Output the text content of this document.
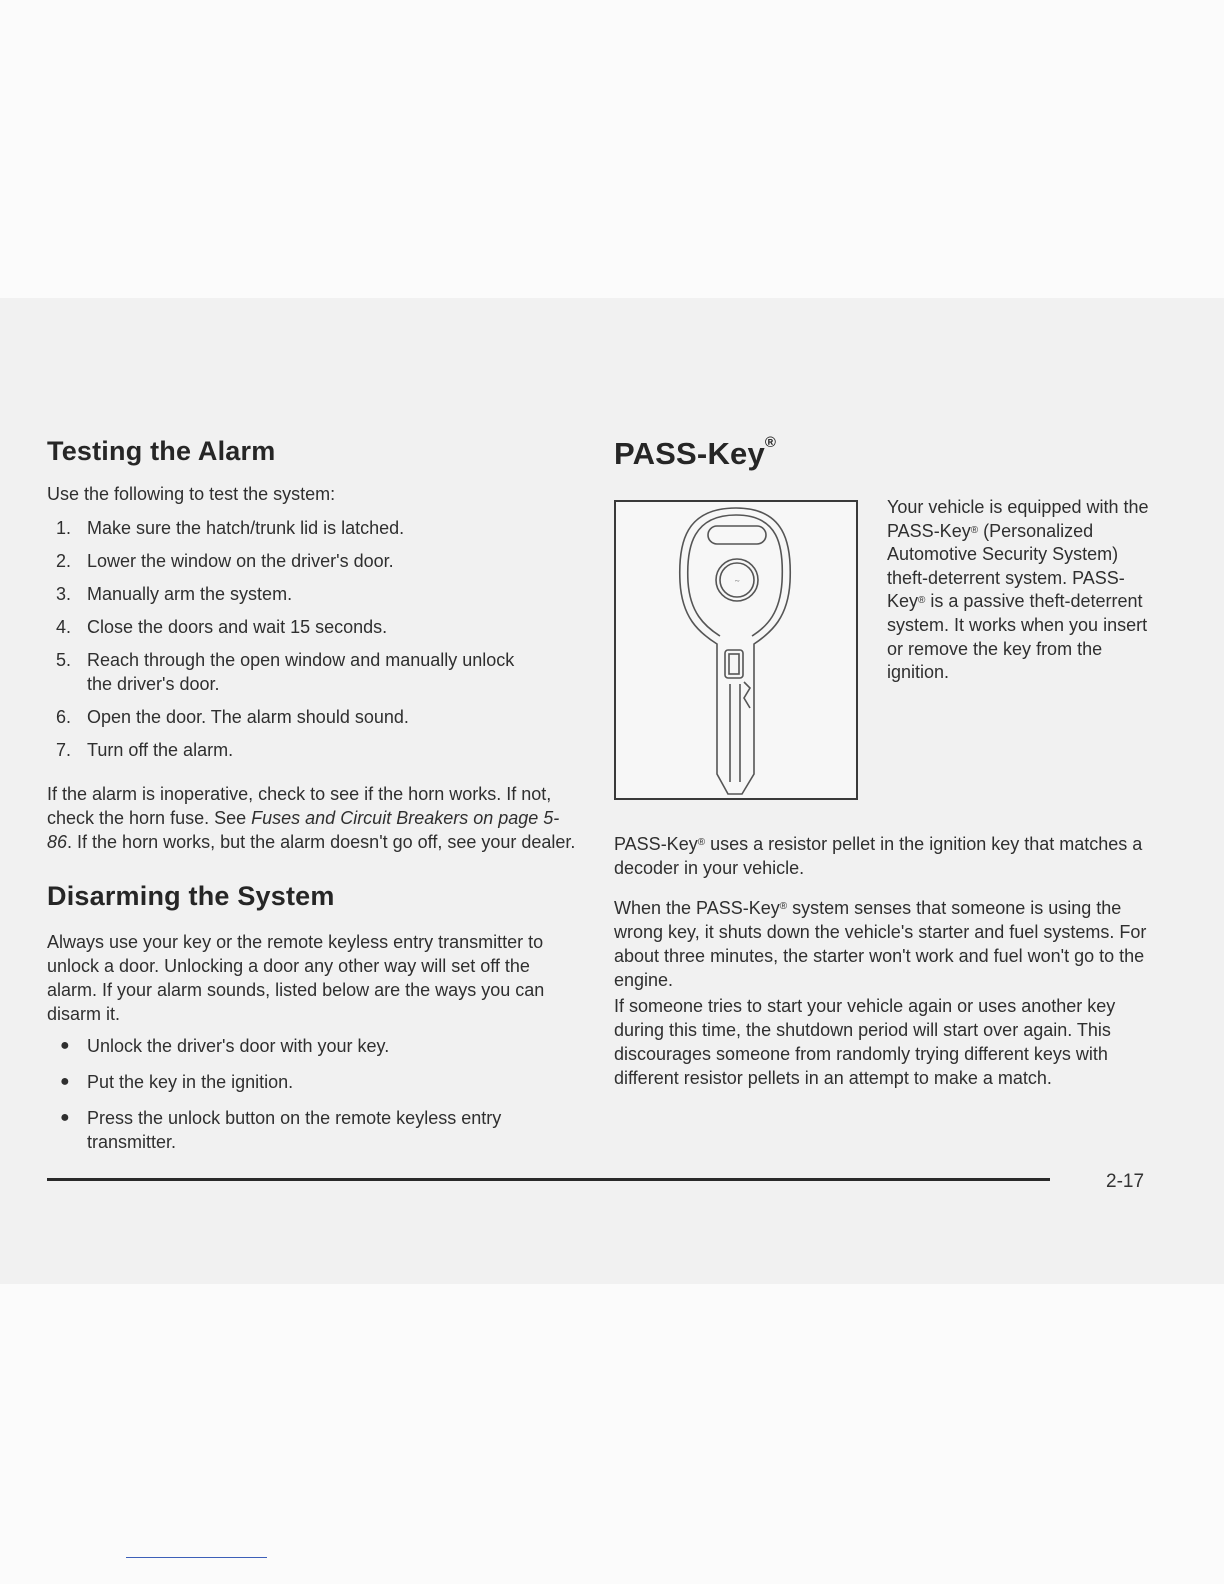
Testing the Alarm
Use the following to test the system:
1. Make sure the hatch/trunk lid is latched.
2. Lower the window on the driver's door.
3. Manually arm the system.
4. Close the doors and wait 15 seconds.
5. Reach through the open window and manually unlock the driver's door.
6. Open the door. The alarm should sound.
7. Turn off the alarm.
If the alarm is inoperative, check to see if the horn works. If not, check the horn fuse. See Fuses and Circuit Breakers on page 5-86. If the horn works, but the alarm doesn't go off, see your dealer.
Disarming the System
Always use your key or the remote keyless entry transmitter to unlock a door. Unlocking a door any other way will set off the alarm. If your alarm sounds, listed below are the ways you can disarm it.
● Unlock the driver's door with your key.
● Put the key in the ignition.
● Press the unlock button on the remote keyless entry transmitter.
PASS-Key®
~
Your vehicle is equipped with the PASS-Key® (Personalized Automotive Security System) theft-deterrent system. PASS-Key® is a passive theft-deterrent system. It works when you insert or remove the key from the ignition.
PASS-Key® uses a resistor pellet in the ignition key that matches a decoder in your vehicle.
When the PASS-Key® system senses that someone is using the wrong key, it shuts down the vehicle's starter and fuel systems. For about three minutes, the starter won't work and fuel won't go to the engine.
If someone tries to start your vehicle again or uses another key during this time, the shutdown period will start over again. This discourages someone from randomly trying different keys with different resistor pellets in an attempt to make a match.
2-17
